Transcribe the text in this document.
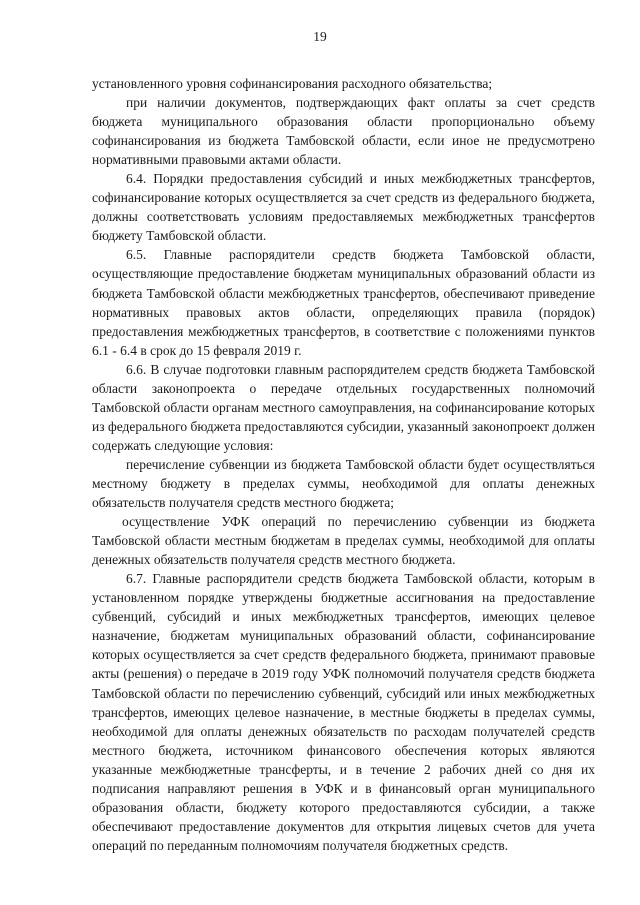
19

установленного уровня софинансирования расходного обязательства;

при наличии документов, подтверждающих факт оплаты за счет средств бюджета муниципального образования области пропорционально объему софинансирования из бюджета Тамбовской области, если иное не предусмотрено нормативными правовыми актами области.

6.4. Порядки предоставления субсидий и иных межбюджетных трансфертов, софинансирование которых осуществляется за счет средств из федерального бюджета, должны соответствовать условиям предоставляемых межбюджетных трансфертов бюджету Тамбовской области.

6.5. Главные распорядители средств бюджета Тамбовской области, осуществляющие предоставление бюджетам муниципальных образований области из бюджета Тамбовской области межбюджетных трансфертов, обеспечивают приведение нормативных правовых актов области, определяющих правила (порядок) предоставления межбюджетных трансфертов, в соответствие с положениями пунктов 6.1 - 6.4 в срок до 15 февраля 2019 г.

6.6. В случае подготовки главным распорядителем средств бюджета Тамбовской области законопроекта о передаче отдельных государственных полномочий Тамбовской области органам местного самоуправления, на софинансирование которых из федерального бюджета предоставляются субсидии, указанный законопроект должен содержать следующие условия:

перечисление субвенции из бюджета Тамбовской области будет осуществляться местному бюджету в пределах суммы, необходимой для оплаты денежных обязательств получателя средств местного бюджета;

осуществление УФК операций по перечислению субвенции из бюджета Тамбовской области местным бюджетам в пределах суммы, необходимой для оплаты денежных обязательств получателя средств местного бюджета.

6.7. Главные распорядители средств бюджета Тамбовской области, которым в установленном порядке утверждены бюджетные ассигнования на предоставление субвенций, субсидий и иных межбюджетных трансфертов, имеющих целевое назначение, бюджетам муниципальных образований области, софинансирование которых осуществляется за счет средств федерального бюджета, принимают правовые акты (решения) о передаче в 2019 году УФК полномочий получателя средств бюджета Тамбовской области по перечислению субвенций, субсидий или иных межбюджетных трансфертов, имеющих целевое назначение, в местные бюджеты в пределах суммы, необходимой для оплаты денежных обязательств по расходам получателей средств местного бюджета, источником финансового обеспечения которых являются указанные межбюджетные трансферты, и в течение 2 рабочих дней со дня их подписания направляют решения в УФК и в финансовый орган муниципального образования области, бюджету которого предоставляются субсидии, а также обеспечивают предоставление документов для открытия лицевых счетов для учета операций по переданным полномочиям получателя бюджетных средств.
